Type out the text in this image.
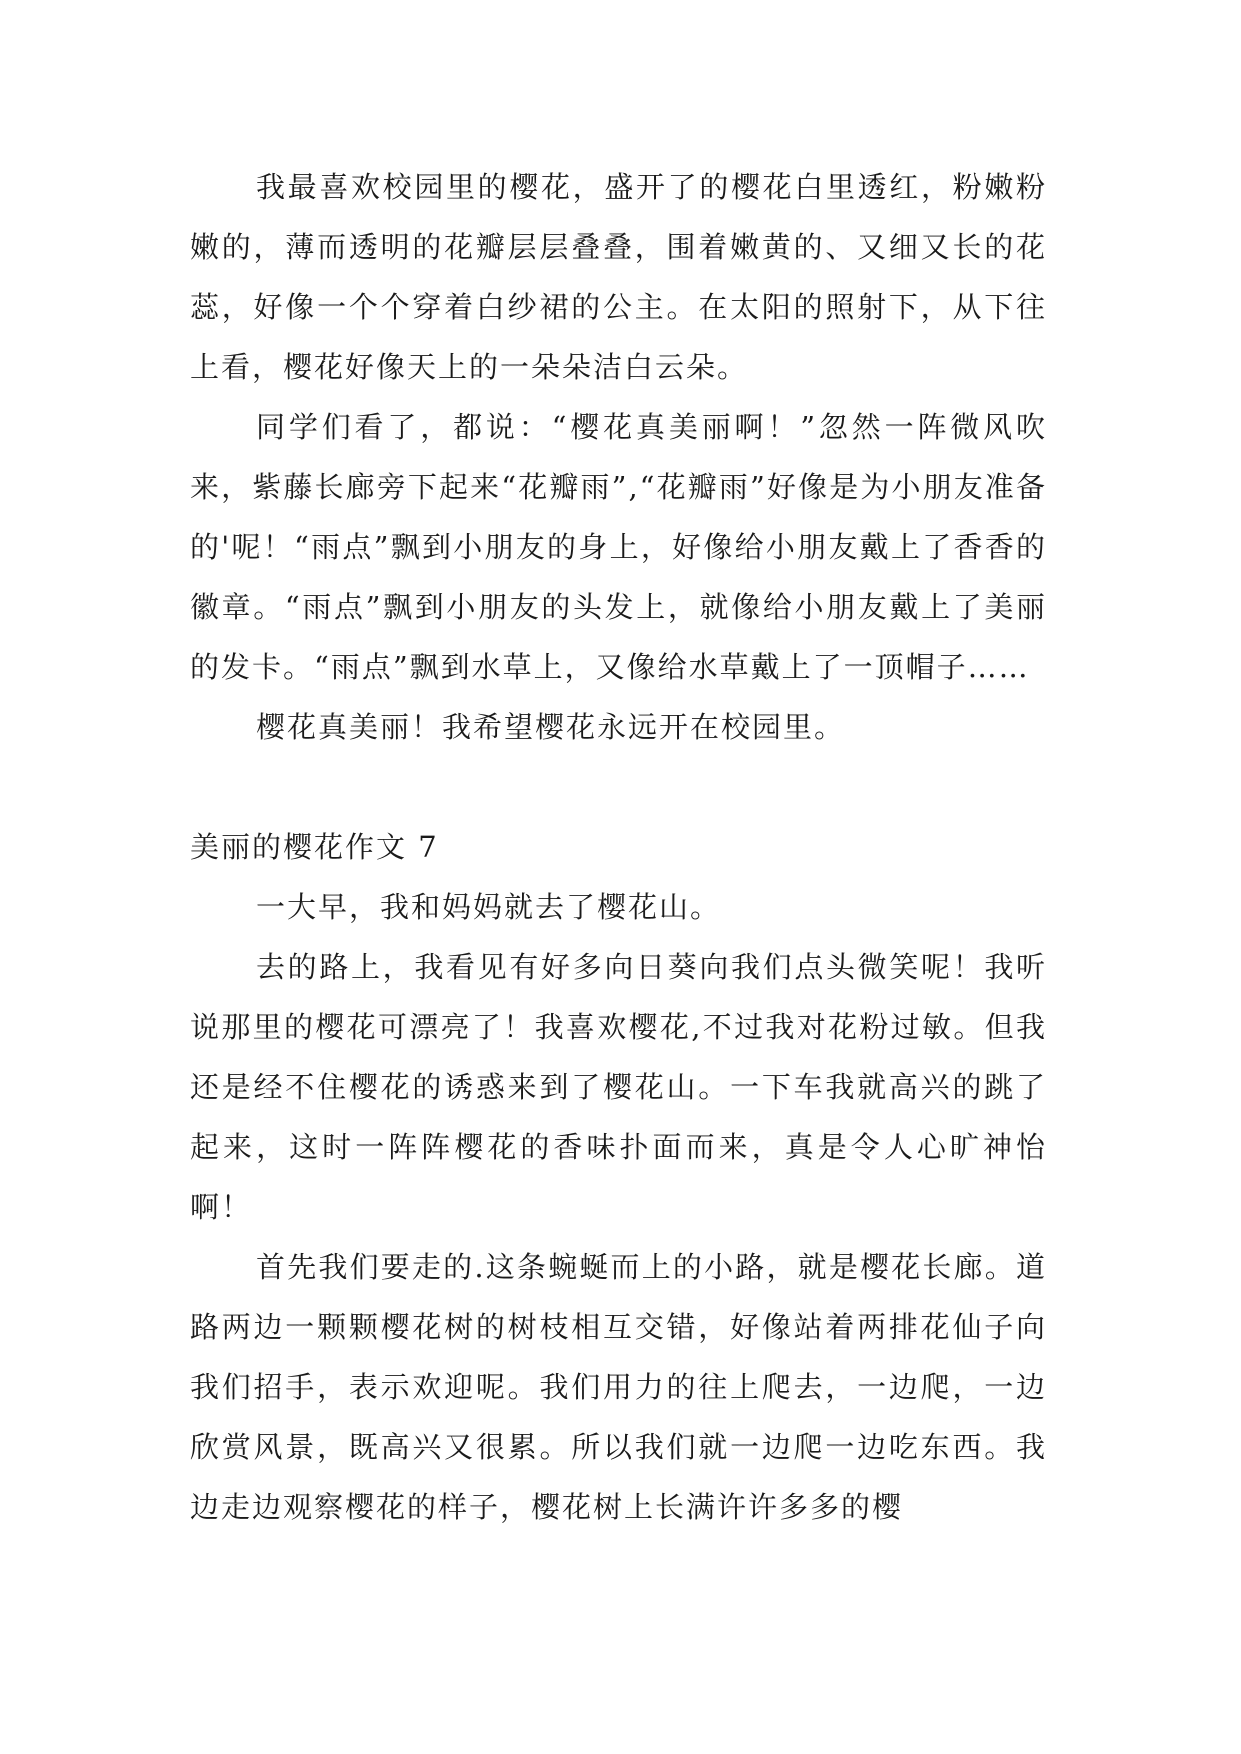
我最喜欢校园里的樱花，盛开了的樱花白里透红，粉嫩粉嫩的，薄而透明的花瓣层层叠叠，围着嫩黄的、又细又长的花蕊，好像一个个穿着白纱裙的公主。在太阳的照射下，从下往上看，樱花好像天上的一朵朵洁白云朵。

同学们看了，都说：“樱花真美丽啊！”忽然一阵微风吹来，紫藤长廊旁下起来“花瓣雨”,“花瓣雨”好像是为小朋友准备的'呢！“雨点”飘到小朋友的身上，好像给小朋友戴上了香香的徽章。“雨点”飘到小朋友的头发上，就像给小朋友戴上了美丽的发卡。“雨点”飘到水草上，又像给水草戴上了一顶帽子……

樱花真美丽！我希望樱花永远开在校园里。

美丽的樱花作文 7

一大早，我和妈妈就去了樱花山。

去的路上，我看见有好多向日葵向我们点头微笑呢！我听说那里的樱花可漂亮了！我喜欢樱花,不过我对花粉过敏。但我还是经不住樱花的诱惑来到了樱花山。一下车我就高兴的跳了起来，这时一阵阵樱花的香味扑面而来，真是令人心旷神怡啊！

首先我们要走的.这条蜿蜒而上的小路，就是樱花长廊。道路两边一颗颗樱花树的树枝相互交错，好像站着两排花仙子向我们招手，表示欢迎呢。我们用力的往上爬去，一边爬，一边欣赏风景，既高兴又很累。所以我们就一边爬一边吃东西。我边走边观察樱花的样子，樱花树上长满许许多多的樱
